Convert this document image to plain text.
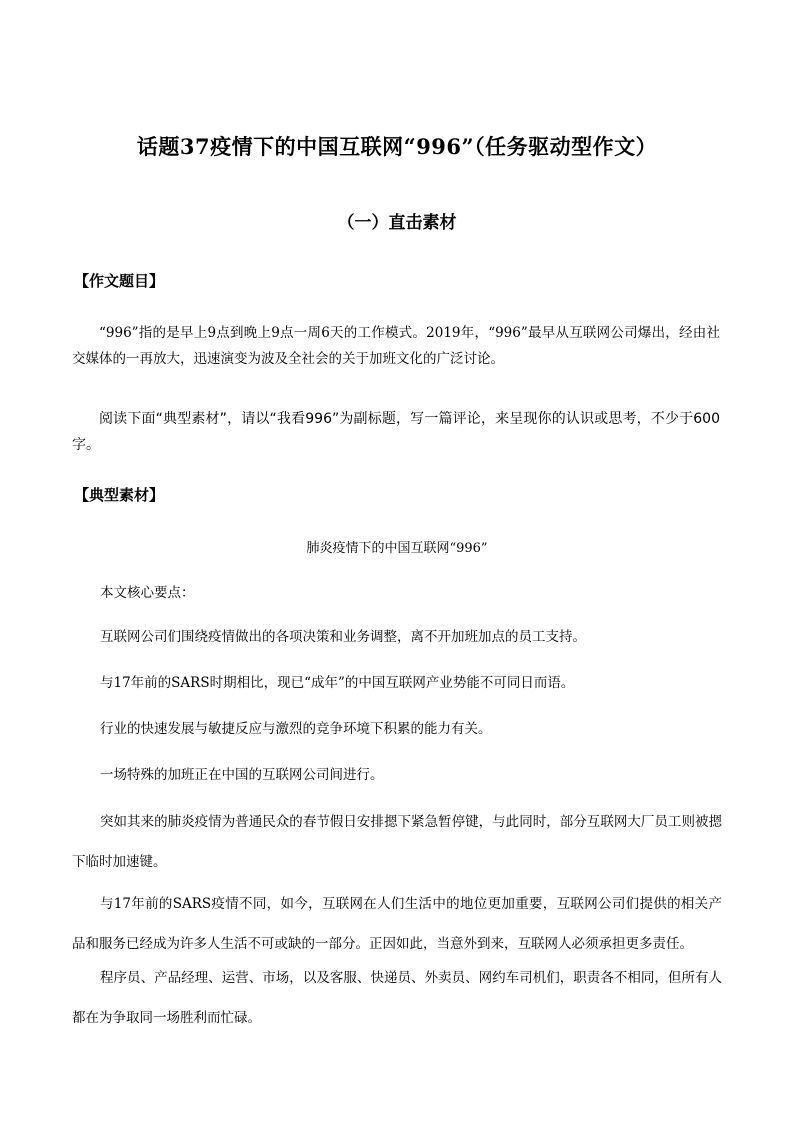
话题37疫情下的中国互联网“996”（任务驱动型作文）
（一）直击素材
【作文题目】
“996”指的是早上9点到晚上9点一周6天的工作模式。2019年，“996”最早从互联网公司爆出，经由社交媒体的一再放大，迅速演变为波及全社会的关于加班文化的广泛讨论。
阅读下面“典型素材”，请以“我看996”为副标题，写一篇评论，来呈现你的认识或思考，不少于600字。
【典型素材】
肺炎疫情下的中国互联网“996”
本文核心要点：
互联网公司们围绕疫情做出的各项决策和业务调整，离不开加班加点的员工支持。
与17年前的SARS时期相比，现已“成年”的中国互联网产业势能不可同日而语。
行业的快速发展与敏捷反应与激烈的竞争环境下积累的能力有关。
一场特殊的加班正在中国的互联网公司间进行。
突如其来的肺炎疫情为普通民众的春节假日安排摁下紧急暂停键，与此同时，部分互联网大厂员工则被摁下临时加速键。
与17年前的SARS疫情不同，如今，互联网在人们生活中的地位更加重要，互联网公司们提供的相关产品和服务已经成为许多人生活不可或缺的一部分。正因如此，当意外到来，互联网人必须承担更多责任。
程序员、产品经理、运营、市场，以及客服、快递员、外卖员、网约车司机们，职责各不相同，但所有人都在为争取同一场胜利而忙碌。
